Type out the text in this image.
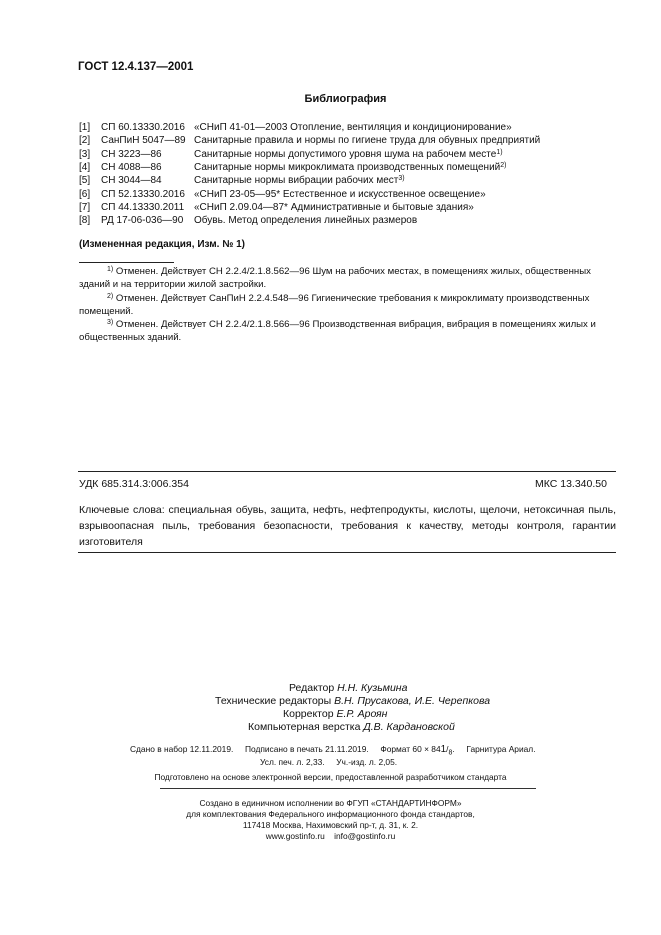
ГОСТ 12.4.137—2001
Библиография
[1]	СП 60.13330.2016 «СНиП 41-01—2003 Отопление, вентиляция и кондиционирование»
[2]	СанПиН 5047—89 Санитарные правила и нормы по гигиене труда для обувных предприятий
[3]	СН 3223—86	Санитарные нормы допустимого уровня шума на рабочем месте$^{1)}$
[4]	СН 4088—86	Санитарные нормы микроклимата производственных помещений$^{2)}$
[5]	СН 3044—84	Санитарные нормы вибрации рабочих мест$^{3)}$
[6]	СП 52.13330.2016 «СНиП 23-05—95* Естественное и искусственное освещение»
[7]	СП 44.13330.2011 «СНиП 2.09.04—87* Административные и бытовые здания»
[8]	РД 17-06-036—90	Обувь. Метод определения линейных размеров
(Измененная редакция, Изм. № 1)
$^{1)}$ Отменен. Действует СН 2.2.4/2.1.8.562—96 Шум на рабочих местах, в помещениях жилых, общественных зданий и на территории жилой застройки.
$^{2)}$ Отменен. Действует СанПиН 2.2.4.548—96 Гигиенические требования к микроклимату производственных помещений.
$^{3)}$ Отменен. Действует СН 2.2.4/2.1.8.566—96 Производственная вибрация, вибрация в помещениях жилых и общественных зданий.
УДК 685.314.3:006.354	МКС 13.340.50
Ключевые слова: специальная обувь, защита, нефть, нефтепродукты, кислоты, щелочи, нетоксичная пыль, взрывоопасная пыль, требования безопасности, требования к качеству, методы контроля, гарантии изготовителя
Редактор Н.Н. Кузьмина
Технические редакторы В.Н. Прусакова, И.Е. Черепкова
Корректор Е.Р. Ароян
Компьютерная верстка Д.В. Кардановской
Сдано в набор 12.11.2019. Подписано в печать 21.11.2019. Формат $60 \times 841/_8$.     Гарнитура Ариал.
Усл. печ. л. 2,33. Уч.-изд. л. 2,05.
Подготовлено на основе электронной версии, предоставленной разработчиком стандарта
Создано в единичном исполнении во ФГУП «СТАНДАРТИНФОРМ»
для комплектования Федерального информационного фонда стандартов,
117418 Москва, Нахимовский пр-т, д. 31, к. 2.
www.gostinfo.ru    info@gostinfo.ru
